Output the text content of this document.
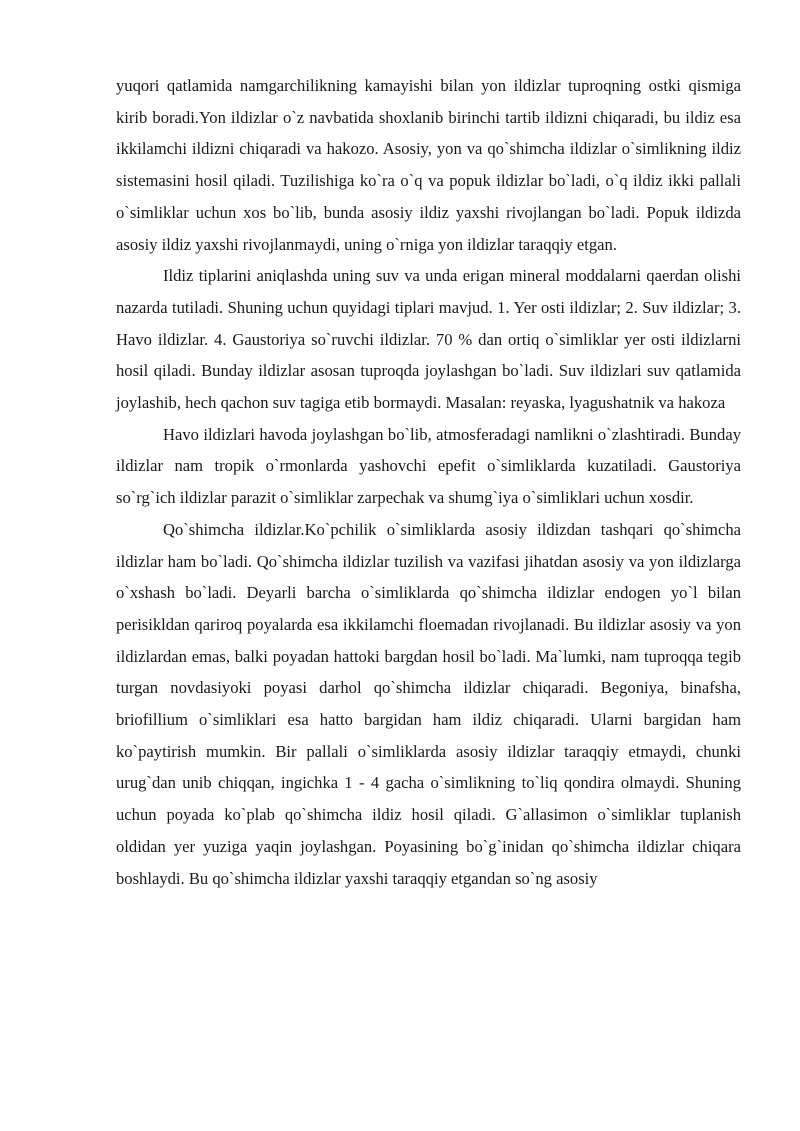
yuqori qatlamida namgarchilikning kamayishi bilan yon ildizlar tuproqning ostki qismiga kirib boradi.Yon ildizlar o`z navbatida shoxlanib birinchi tartib ildizni chiqaradi, bu ildiz esa ikkilamchi ildizni chiqaradi va hakozo. Asosiy, yon va qo`shimcha ildizlar o`simlikning ildiz sistemasini hosil qiladi. Tuzilishiga ko`ra o`q va popuk ildizlar bo`ladi, o`q ildiz ikki pallali o`simliklar uchun xos bo`lib, bunda asosiy ildiz yaxshi rivojlangan bo`ladi. Popuk ildizda asosiy ildiz yaxshi rivojlanmaydi, uning o`rniga yon ildizlar taraqqiy etgan.

Ildiz tiplarini aniqlashda uning suv va unda erigan mineral moddalarni qaerdan olishi nazarda tutiladi. Shuning uchun quyidagi tiplari mavjud. 1. Yer osti ildizlar; 2. Suv ildizlar; 3. Havo ildizlar. 4. Gaustoriya so`ruvchi ildizlar. 70 % dan ortiq o`simliklar yer osti ildizlarni hosil qiladi. Bunday ildizlar asosan tuproqda joylashgan bo`ladi. Suv ildizlari suv qatlamida joylashib, hech qachon suv tagiga etib bormaydi. Masalan: reyaska, lyagushatnik va hakoza

Havo ildizlari havoda joylashgan bo`lib, atmosferadagi namlikni o`zlashtiradi. Bunday ildizlar nam tropik o`rmonlarda yashovchi epefit o`simliklarda kuzatiladi. Gaustoriya so`rg`ich ildizlar parazit o`simliklar zarpechak va shumg`iya o`simliklari uchun xosdir.

Qo`shimcha ildizlar.Ko`pchilik o`simliklarda asosiy ildizdan tashqari qo`shimcha ildizlar ham bo`ladi. Qo`shimcha ildizlar tuzilish va vazifasi jihatdan asosiy va yon ildizlarga o`xshash bo`ladi. Deyarli barcha o`simliklarda qo`shimcha ildizlar endogen yo`l bilan perisikldan qariroq poyalarda esa ikkilamchi floemadan rivojlanadi. Bu ildizlar asosiy va yon ildizlardan emas, balki poyadan hattoki bargdan hosil bo`ladi. Ma`lumki, nam tuproqqa tegib turgan novdasiyoki poyasi darhol qo`shimcha ildizlar chiqaradi. Begoniya, binafsha, briofillium o`simliklari esa hatto bargidan ham ildiz chiqaradi. Ularni bargidan ham ko`paytirish mumkin. Bir pallali o`simliklarda asosiy ildizlar taraqqiy etmaydi, chunki urug`dan unib chiqqan, ingichka 1 - 4 gacha o`simlikning to`liq qondira olmaydi. Shuning uchun poyada ko`plab qo`shimcha ildiz hosil qiladi. G`allasimon o`simliklar tuplanish oldidan yer yuziga yaqin joylashgan. Poyasining bo`g`inidan qo`shimcha ildizlar chiqara boshlaydi. Bu qo`shimcha ildizlar yaxshi taraqqiy etgandan so`ng asosiy
